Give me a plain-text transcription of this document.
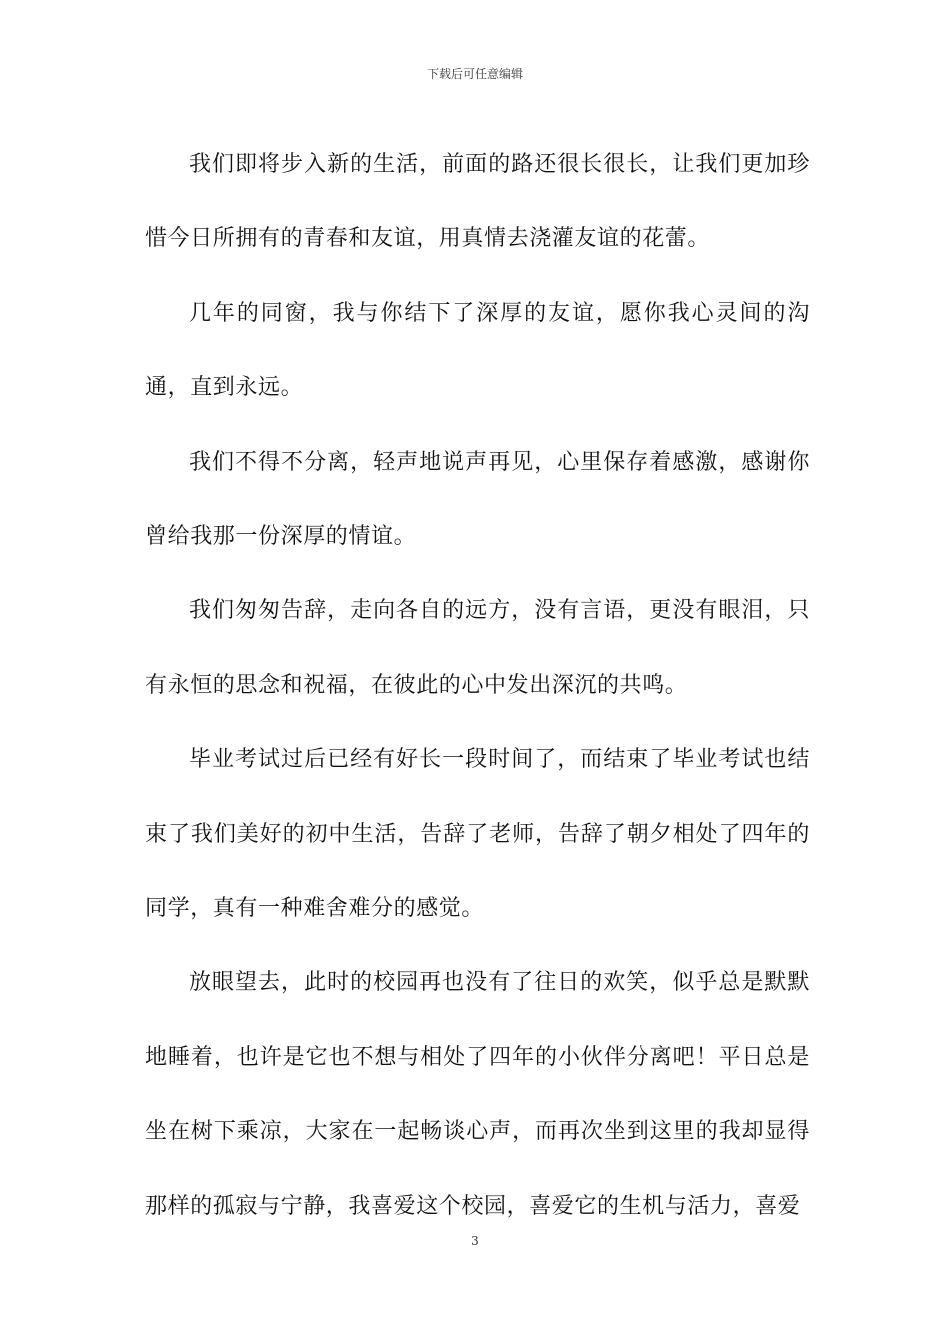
下载后可任意编辑

我们即将步入新的生活，前面的路还很长很长，让我们更加珍惜今日所拥有的青春和友谊，用真情去浇灌友谊的花蕾。

几年的同窗，我与你结下了深厚的友谊，愿你我心灵间的沟通，直到永远。

我们不得不分离，轻声地说声再见，心里保存着感激，感谢你曾给我那一份深厚的情谊。

我们匆匆告辞，走向各自的远方，没有言语，更没有眼泪，只有永恒的思念和祝福，在彼此的心中发出深沉的共鸣。

毕业考试过后已经有好长一段时间了，而结束了毕业考试也结束了我们美好的初中生活，告辞了老师，告辞了朝夕相处了四年的同学，真有一种难舍难分的感觉。

放眼望去，此时的校园再也没有了往日的欢笑，似乎总是默默地睡着，也许是它也不想与相处了四年的小伙伴分离吧！平日总是坐在树下乘凉，大家在一起畅谈心声，而再次坐到这里的我却显得那样的孤寂与宁静，我喜爱这个校园，喜爱它的生机与活力，喜爱

3
